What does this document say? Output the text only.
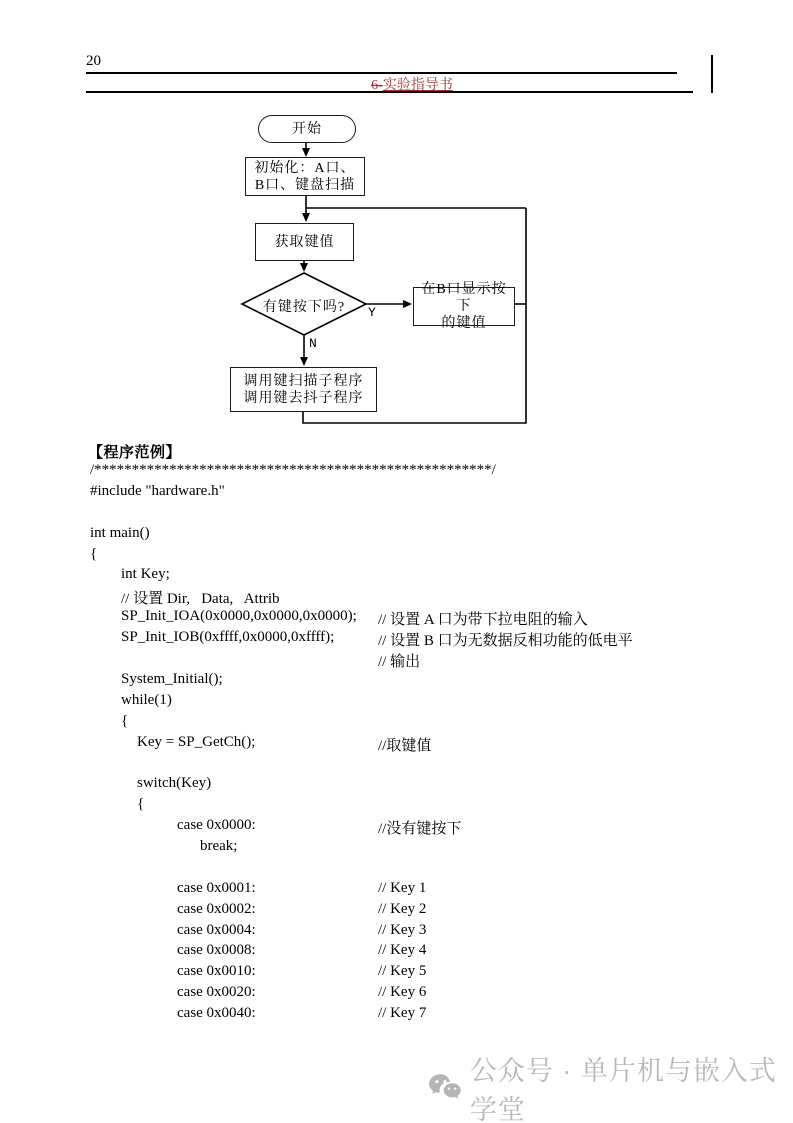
20
6-实验指导书
开始
初始化：A口、
B口、键盘扫描
获取键值
有键按下吗?	Y
N
在B口显示按下
的键值
调用键扫描子程序
调用键去抖子程序
【程序范例】
/*****************************************************/
#include "hardware.h"
int main()
{
int Key;
// 设置 Dir,   Data,   Attrib
SP_Init_IOA(0x0000,0x0000,0x0000); // 设置 A 口为带下拉电阻的输入
SP_Init_IOB(0xffff,0x0000,0xffff);	// 设置 B 口为无数据反相功能的低电平
// 输出
System_Initial();
while(1)
{
Key = SP_GetCh();	//取键值
switch(Key)
{
case 0x0000:	//没有键按下
break;
case 0x0001:	// Key 1
case 0x0002:	// Key 2
case 0x0004:	// Key 3
case 0x0008:	// Key 4
case 0x0010:	// Key 5
case 0x0020:	// Key 6
case 0x0040:	// Key 7
公众号 · 单片机与嵌入式学堂
